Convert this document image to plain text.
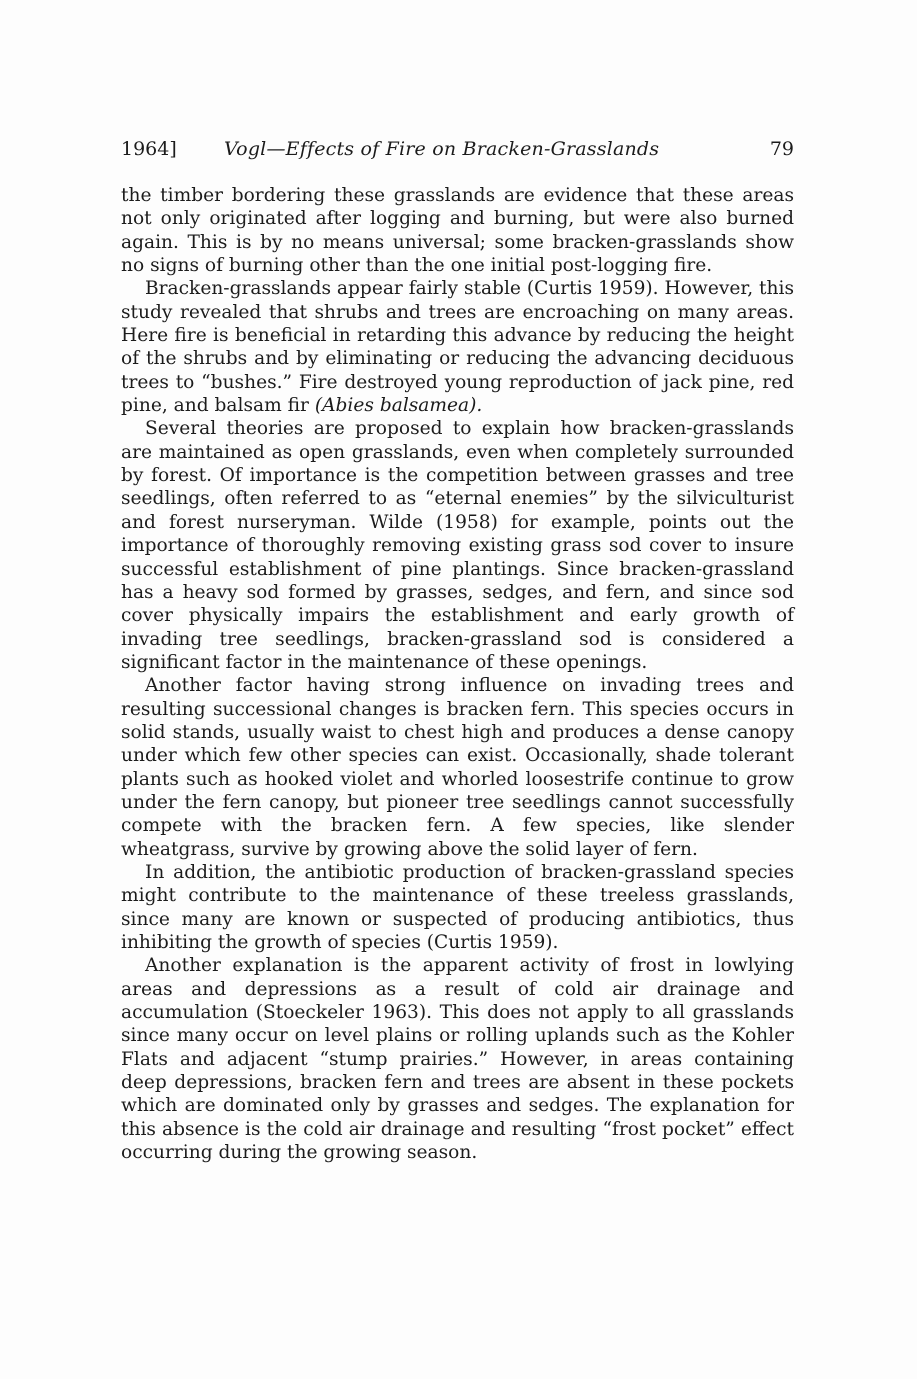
1964] Vogl—Effects of Fire on Bracken-Grasslands	79

the timber bordering these grasslands are evidence that these areas not only originated after logging and burning, but were also burned again. This is by no means universal; some bracken-grasslands show no signs of burning other than the one initial post-logging fire.

Bracken-grasslands appear fairly stable (Curtis 1959). However, this study revealed that shrubs and trees are encroaching on many areas. Here fire is beneficial in retarding this advance by reducing the height of the shrubs and by eliminating or reducing the advancing deciduous trees to “bushes.” Fire destroyed young reproduction of jack pine, red pine, and balsam fir (Abies balsamea).

Several theories are proposed to explain how bracken-grasslands are maintained as open grasslands, even when completely surrounded by forest. Of importance is the competition between grasses and tree seedlings, often referred to as “eternal enemies” by the silviculturist and forest nurseryman. Wilde (1958) for example, points out the importance of thoroughly removing existing grass sod cover to insure successful establishment of pine plantings. Since bracken-grassland has a heavy sod formed by grasses, sedges, and fern, and since sod cover physically impairs the establishment and early growth of invading tree seedlings, bracken-grassland sod is considered a significant factor in the maintenance of these openings.

Another factor having strong influence on invading trees and resulting successional changes is bracken fern. This species occurs in solid stands, usually waist to chest high and produces a dense canopy under which few other species can exist. Occasionally, shade tolerant plants such as hooked violet and whorled loosestrife continue to grow under the fern canopy, but pioneer tree seedlings cannot successfully compete with the bracken fern. A few species, like slender wheatgrass, survive by growing above the solid layer of fern.

In addition, the antibiotic production of bracken-grassland species might contribute to the maintenance of these treeless grasslands, since many are known or suspected of producing antibiotics, thus inhibiting the growth of species (Curtis 1959).

Another explanation is the apparent activity of frost in lowlying areas and depressions as a result of cold air drainage and accumulation (Stoeckeler 1963). This does not apply to all grasslands since many occur on level plains or rolling uplands such as the Kohler Flats and adjacent “stump prairies.” However, in areas containing deep depressions, bracken fern and trees are absent in these pockets which are dominated only by grasses and sedges. The explanation for this absence is the cold air drainage and resulting “frost pocket” effect occurring during the growing season.
